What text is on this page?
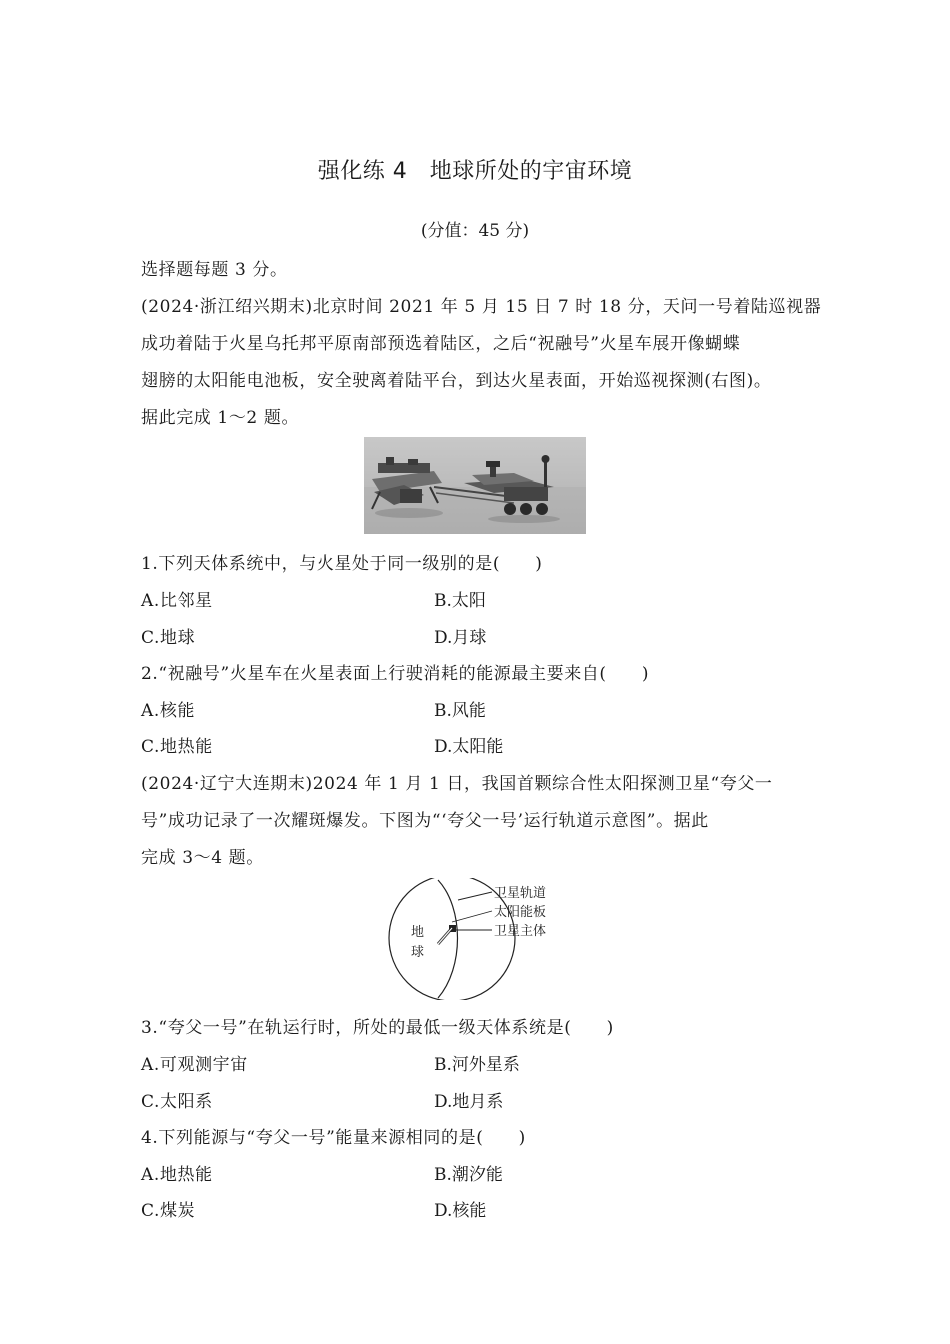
强化练 4　地球所处的宇宙环境
(分值：45 分)
选择题每题 3 分。
(2024·浙江绍兴期末)北京时间 2021 年 5 月 15 日 7 时 18 分，天问一号着陆巡视器
成功着陆于火星乌托邦平原南部预选着陆区，之后“祝融号”火星车展开像蝴蝶
翅膀的太阳能电池板，安全驶离着陆平台，到达火星表面，开始巡视探测(右图)。
据此完成 1～2 题。
1.下列天体系统中，与火星处于同一级别的是(　　)
A.比邻星	B.太阳
C.地球	D.月球
2.“祝融号”火星车在火星表面上行驶消耗的能源最主要来自(　　)
A.核能	B.风能
C.地热能	D.太阳能
(2024·辽宁大连期末)2024 年 1 月 1 日，我国首颗综合性太阳探测卫星“夸父一
号”成功记录了一次耀斑爆发。下图为“‘夸父一号’运行轨道示意图”。据此
完成 3～4 题。
地
球
卫星轨道
太阳能板
卫星主体
3.“夸父一号”在轨运行时，所处的最低一级天体系统是(　　)
A.可观测宇宙	B.河外星系
C.太阳系	D.地月系
4.下列能源与“夸父一号”能量来源相同的是(　　)
A.地热能	B.潮汐能
C.煤炭	D.核能
